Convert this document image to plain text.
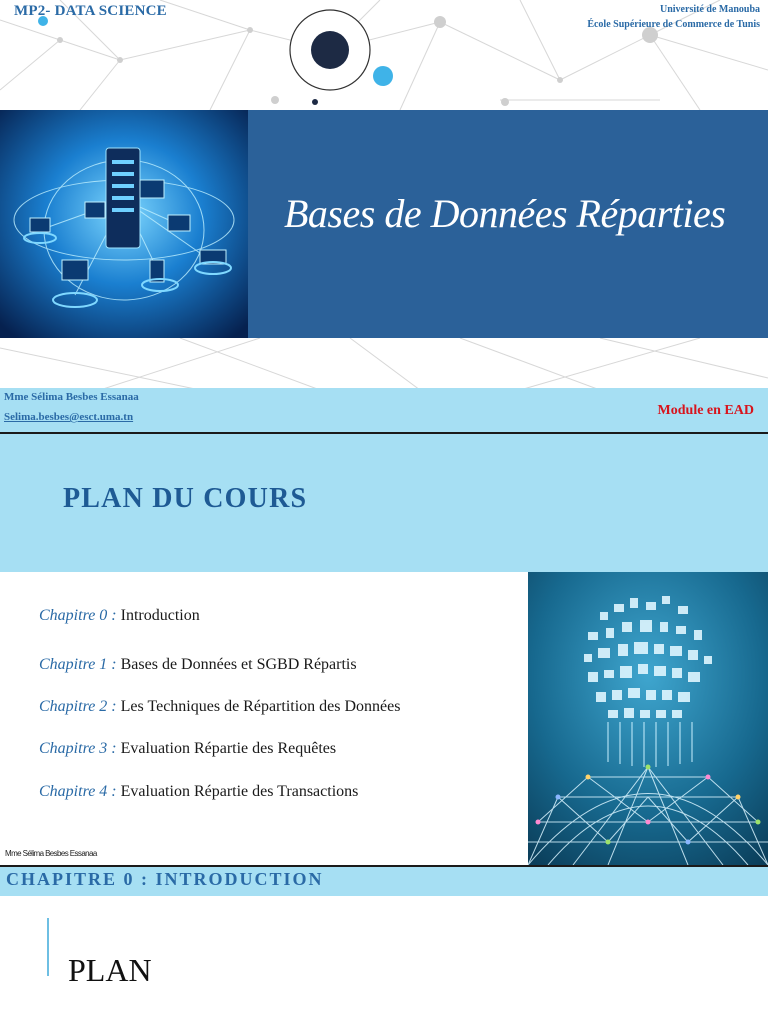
MP2- DATA SCIENCE	Université de Manouba
École Supérieure de Commerce de Tunis
Bases de Données Réparties
Mme Sélima Besbes Essanaa
Selima.besbes@esct.uma.tn	Module en EAD
PLAN DU COURS
Chapitre 0 : Introduction
Chapitre 1 : Bases de Données et SGBD Répartis
Chapitre 2 : Les Techniques de Répartition des Données
Chapitre 3 : Evaluation Répartie des Requêtes
Chapitre 4 : Evaluation Répartie des Transactions
Mme Sélima Besbes Essanaa
CHAPITRE 0 : INTRODUCTION
PLAN
